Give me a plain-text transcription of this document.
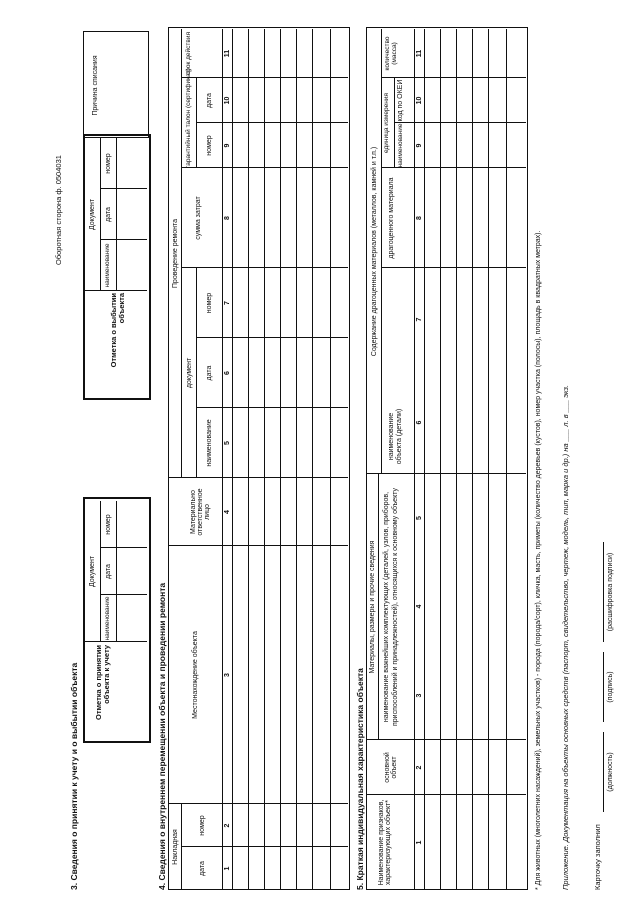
Оборотная сторона ф. 0504031
3. Сведения о принятии к учету и о выбытии объекта Отметка о принятии объекта к учету
Документ
наименование
дата
номер
Отметка о выбытии объекта
Документ
наименование
дата
номер
Причина списания
4. Сведения о внутреннем перемещении объекта и проведении ремонта Накладная
дата
номер
Местонахождение объекта
Материально ответственное лицо
Проведение ремонта
документ
наименование
дата
номер
сумма затрат
гарантийный талон (сертификат) номер
дата
срок действия
1
2
3
4
5
6
7
8
9
10
11
5. Краткая индивидуальная характеристика объекта Наименование признаков, характеризующих объект*
основной объект
Материалы, размеры и прочие сведения наименование важнейших комплектующих (деталей, узлов, приборов, приспособлений и принадлежностей), относящихся к основному объекту
Содержание драгоценных материалов (металлов, камней и т.п.)
наименование объекта (детали)
драгоценного материала
единица измерения наименование
код по ОКЕИ
количество (масса)
1
2
3
4
5
6
7
8
9
10
11
* Для животных (многолетних насаждений), земельных участков) - порода (порода/сорт), кличка, масть, приметы (количество деревьев (кустов), номер участка (полосы), площадь в квадратных метрах).	Приложение. Документация на объекты основных средств (паспорт, свидетельство, чертеж, модель, тип, марка и др.) на ___ л. в ___ экз.	Карточку заполнил
(должность)
(подпись)
(расшифровка подписи)
